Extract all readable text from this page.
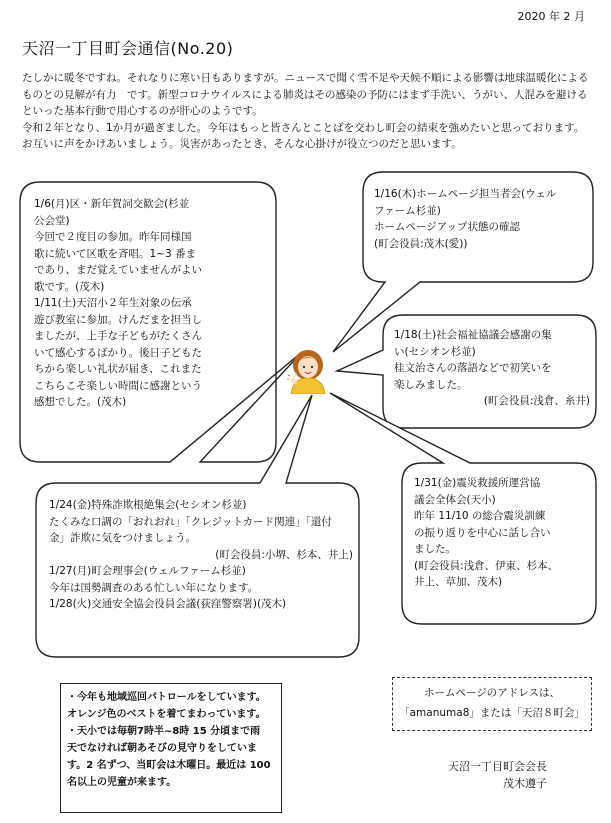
2020 年 2 月
天沼一丁目町会通信(No.20)

たしかに暖冬ですね。それなりに寒い日もありますが。ニュースで聞く雪不足や天候不順による影響は地球温暖化によるものとの見解が有力　です。新型コロナウイルスによる肺炎はその感染の予防にはまず手洗い、うがい、人混みを避けるといった基本行動で用心するのが肝心のようです。

令和２年となり、1か月が過ぎました。今年はもっと皆さんとことばを交わし町会の結束を強めたいと思っております。お互いに声をかけあいましょう。災害があったとき、そんな心掛けが役立つのだと思います。

1/6(月)区・新年賀詞交歓会(杉並

公会堂)

今回で２度目の参加。昨年同様国

歌に続いて区歌を斉唱。1~3 番ま

であり、まだ覚えていませんがよい

歌です。(茂木)

1/11(土)天沼小２年生対象の伝承

遊び教室に参加。けんだまを担当し

ましたが、上手な子どもがたくさん

いて感心するばかり。後日子どもた

ちから楽しい礼状が届き、これまた

こちらこそ楽しい時間に感謝という

感想でした。(茂木)

1/16(木)ホームページ担当者会(ウェル

ファーム杉並)

ホームページアップ状態の確認

(町会役員:茂木(愛))

1/18(土)社会福祉協議会感謝の集

い(セシオン杉並)

桂文治さんの落語などで初笑いを

楽しみました。

(町会役員:浅倉、糸井)

1/24(金)特殊詐欺根絶集会(セシオン杉並)

たくみな口調の「おれおれ」「クレジットカード関連」「還付

金」詐欺に気をつけましょう。

(町会役員:小堺、杉本、井上)

1/27(月)町会理事会(ウェルファーム杉並)

今年は国勢調査のある忙しい年になります。

1/28(火)交通安全協会役員会議(荻窪警察署)(茂木)

1/31(金)震災救援所運営協

議会全体会(天小)

昨年 11/10 の総合震災訓練

の振り返りを中心に話し合い

ました。

(町会役員:浅倉、伊東、杉本、

井上、草加、茂木)

・今年も地域巡回パトロールをしています。

オレンジ色のベストを着てまわっています。

・天小では毎朝7時半~8時 15 分頃まで雨

天でなければ朝あそびの見守りをしていま

す。2 名ずつ、当町会は木曜日。最近は 100

名以上の児童が来ます。

ホームページのアドレスは、

「amanuma8」または「天沼８町会」

天沼一丁目町会会長

茂木遵子
